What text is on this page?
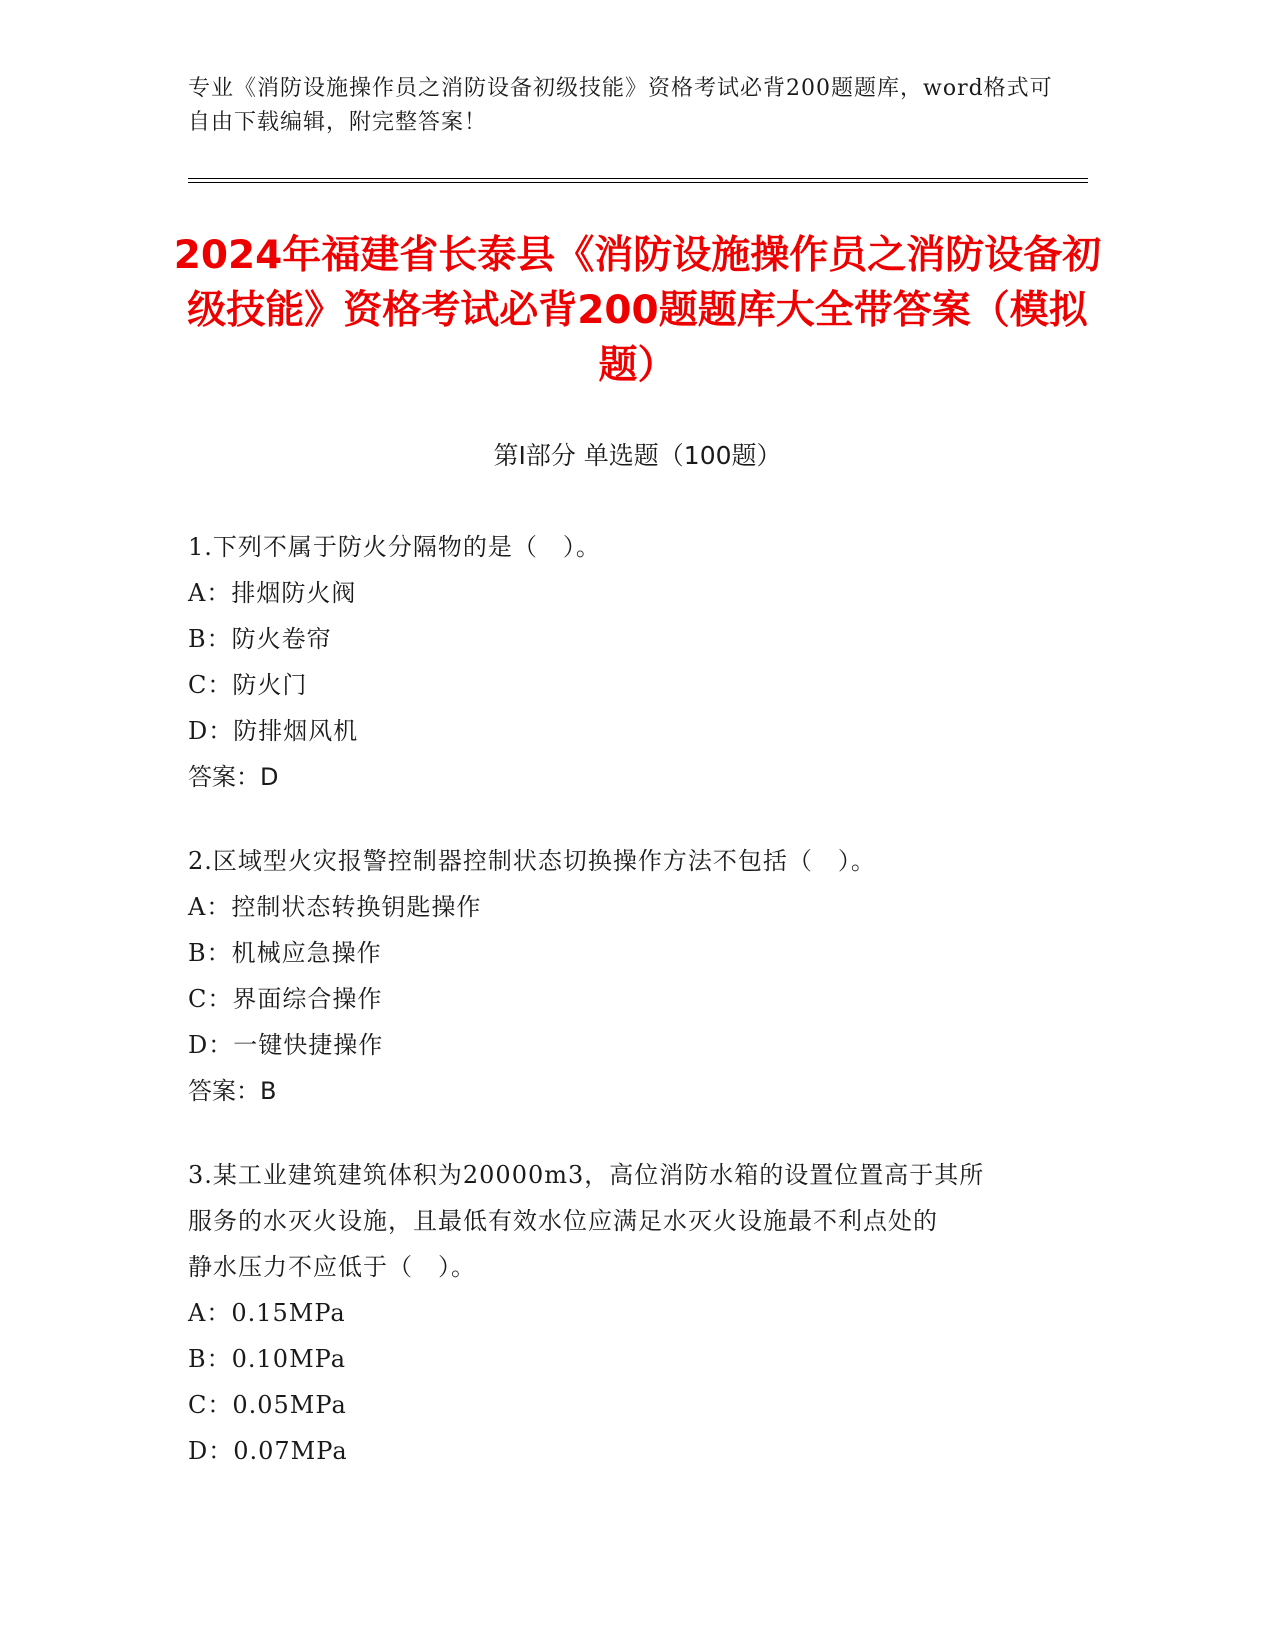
专业《消防设施操作员之消防设备初级技能》资格考试必背200题题库，word格式可自由下载编辑，附完整答案！
2024年福建省长泰县《消防设施操作员之消防设备初级技能》资格考试必背200题题库大全带答案（模拟题）
第Ⅰ部分 单选题（100题）
1.下列不属于防火分隔物的是（　）。
A：排烟防火阀
B：防火卷帘
C：防火门
D：防排烟风机
答案：D
2.区域型火灾报警控制器控制状态切换操作方法不包括（　）。
A：控制状态转换钥匙操作
B：机械应急操作
C：界面综合操作
D：一键快捷操作
答案：B
3.某工业建筑建筑体积为20000m3，高位消防水箱的设置位置高于其所
服务的水灭火设施，且最低有效水位应满足水灭火设施最不利点处的
静水压力不应低于（　）。
A：0.15MPa
B：0.10MPa
C：0.05MPa
D：0.07MPa
